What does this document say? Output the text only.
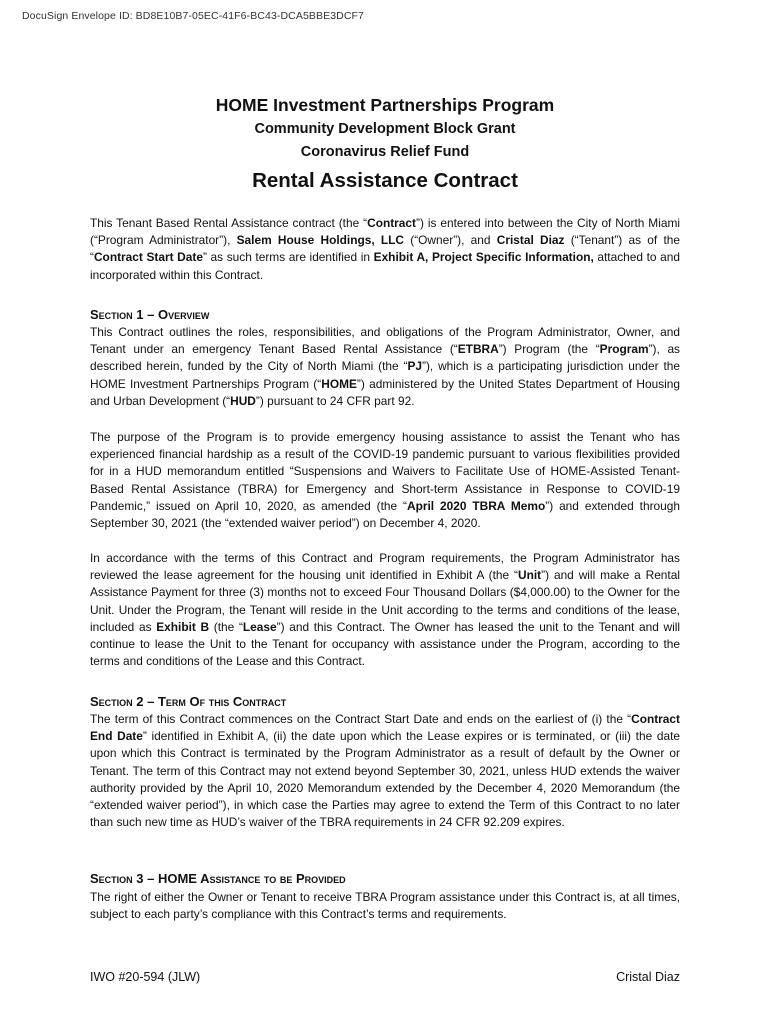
DocuSign Envelope ID: BD8E10B7-05EC-41F6-BC43-DCA5BBE3DCF7
HOME Investment Partnerships Program
Community Development Block Grant
Coronavirus Relief Fund
Rental Assistance Contract

This Tenant Based Rental Assistance contract (the “Contract”) is entered into between the City of North Miami (“Program Administrator”), Salem House Holdings, LLC (“Owner”), and Cristal Diaz (“Tenant”) as of the “Contract Start Date” as such terms are identified in Exhibit A, Project Specific Information, attached to and incorporated within this Contract.

Section 1 – Overview

This Contract outlines the roles, responsibilities, and obligations of the Program Administrator, Owner, and Tenant under an emergency Tenant Based Rental Assistance (“ETBRA”) Program (the “Program”), as described herein, funded by the City of North Miami (the “PJ”), which is a participating jurisdiction under the HOME Investment Partnerships Program (“HOME”) administered by the United States Department of Housing and Urban Development (“HUD”) pursuant to 24 CFR part 92.

The purpose of the Program is to provide emergency housing assistance to assist the Tenant who has experienced financial hardship as a result of the COVID-19 pandemic pursuant to various flexibilities provided for in a HUD memorandum entitled “Suspensions and Waivers to Facilitate Use of HOME-Assisted Tenant-Based Rental Assistance (TBRA) for Emergency and Short-term Assistance in Response to COVID-19 Pandemic,” issued on April 10, 2020, as amended (the “April 2020 TBRA Memo”) and extended through September 30, 2021 (the “extended waiver period”) on December 4, 2020.

In accordance with the terms of this Contract and Program requirements, the Program Administrator has reviewed the lease agreement for the housing unit identified in Exhibit A (the “Unit”) and will make a Rental Assistance Payment for three (3) months not to exceed Four Thousand Dollars ($4,000.00) to the Owner for the Unit. Under the Program, the Tenant will reside in the Unit according to the terms and conditions of the lease, included as Exhibit B (the “Lease”) and this Contract. The Owner has leased the unit to the Tenant and will continue to lease the Unit to the Tenant for occupancy with assistance under the Program, according to the terms and conditions of the Lease and this Contract.

Section 2 – Term Of this Contract

The term of this Contract commences on the Contract Start Date and ends on the earliest of (i) the “Contract End Date” identified in Exhibit A, (ii) the date upon which the Lease expires or is terminated, or (iii) the date upon which this Contract is terminated by the Program Administrator as a result of default by the Owner or Tenant. The term of this Contract may not extend beyond September 30, 2021, unless HUD extends the waiver authority provided by the April 10, 2020 Memorandum extended by the December 4, 2020 Memorandum (the “extended waiver period”), in which case the Parties may agree to extend the Term of this Contract to no later than such new time as HUD’s waiver of the TBRA requirements in 24 CFR 92.209 expires.

Section 3 – HOME Assistance to be Provided

The right of either the Owner or Tenant to receive TBRA Program assistance under this Contract is, at all times, subject to each party’s compliance with this Contract’s terms and requirements.

IWO #20-594 (JLW)	Cristal Diaz
